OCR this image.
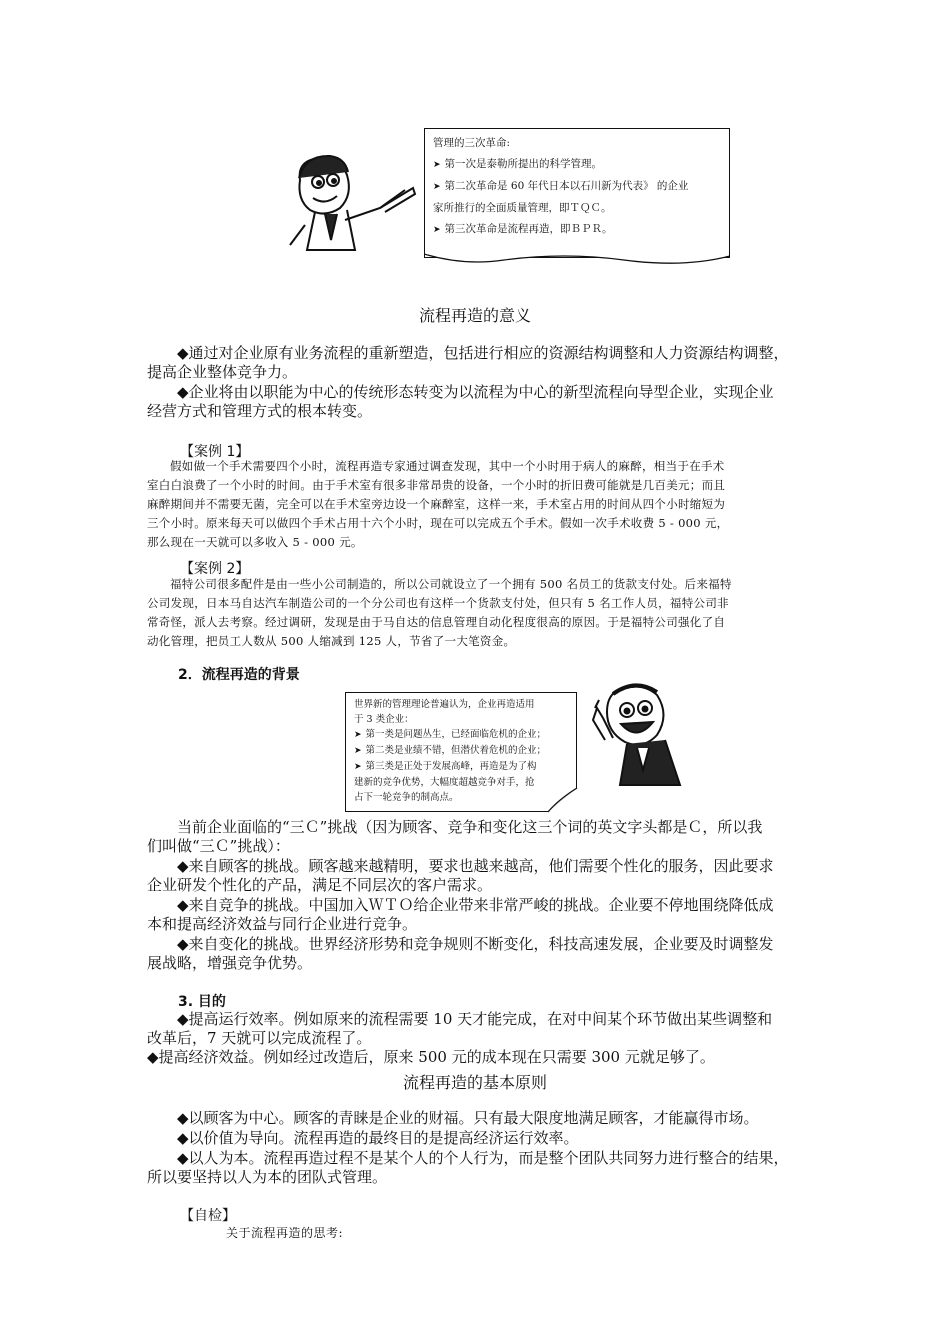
管理的三次革命:
➤ 第一次是泰勒所提出的科学管理。
➤ 第二次革命是 60 年代日本以石川新为代表》 的企业
家所推行的全面质量管理，即ＴＱＣ。
➤ 第三次革命是流程再造，即ＢＰＲ。
流程再造的意义
◆通过对企业原有业务流程的重新塑造，包括进行相应的资源结构调整和人力资源结构调整，
提高企业整体竞争力。
◆企业将由以职能为中心的传统形态转变为以流程为中心的新型流程向导型企业，实现企业
经营方式和管理方式的根本转变。
【案例 1】
假如做一个手术需要四个小时，流程再造专家通过调查发现，其中一个小时用于病人的麻醉，相当于在手术
室白白浪费了一个小时的时间。由于手术室有很多非常昂贵的设备，一个小时的折旧费可能就是几百美元；而且
麻醉期间并不需要无菌，完全可以在手术室旁边设一个麻醉室，这样一来，手术室占用的时间从四个小时缩短为
三个小时。原来每天可以做四个手术占用十六个小时，现在可以完成五个手术。假如一次手术收费 5 - 000 元，
那么现在一天就可以多收入 5 - 000 元。
【案例 2】
福特公司很多配件是由一些小公司制造的，所以公司就设立了一个拥有 500 名员工的货款支付处。后来福特
公司发现，日本马自达汽车制造公司的一个分公司也有这样一个货款支付处，但只有 5 名工作人员，福特公司非
常奇怪，派人去考察。经过调研，发现是由于马自达的信息管理自动化程度很高的原因。于是福特公司强化了自
动化管理，把员工人数从 500 人缩减到 125 人，节省了一大笔资金。
2．流程再造的背景
世界新的管理理论普遍认为，企业再造适用
于 3 类企业：
➤ 第一类是问题丛生，已经面临危机的企业；
➤ 第二类是业绩不错，但潜伏着危机的企业；
➤ 第三类是正处于发展高峰，再造是为了构
建新的竞争优势，大幅度超越竞争对手，抢
占下一轮竞争的制高点。
当前企业面临的“三Ｃ”挑战（因为顾客、竞争和变化这三个词的英文字头都是Ｃ，所以我
们叫做“三Ｃ”挑战）：
◆来自顾客的挑战。顾客越来越精明，要求也越来越高，他们需要个性化的服务，因此要求
企业研发个性化的产品，满足不同层次的客户需求。
◆来自竞争的挑战。中国加入ＷＴＯ给企业带来非常严峻的挑战。企业要不停地围绕降低成
本和提高经济效益与同行企业进行竞争。
◆来自变化的挑战。世界经济形势和竞争规则不断变化，科技高速发展，企业要及时调整发
展战略，增强竞争优势。
3. 目的
◆提高运行效率。例如原来的流程需要 10 天才能完成，在对中间某个环节做出某些调整和
改革后，7 天就可以完成流程了。
◆提高经济效益。例如经过改造后，原来 500 元的成本现在只需要 300 元就足够了。
流程再造的基本原则
◆以顾客为中心。顾客的青睐是企业的财福。只有最大限度地满足顾客，才能赢得市场。
◆以价值为导向。流程再造的最终目的是提高经济运行效率。
◆以人为本。流程再造过程不是某个人的个人行为，而是整个团队共同努力进行整合的结果，
所以要坚持以人为本的团队式管理。
【自检】
关于流程再造的思考:
